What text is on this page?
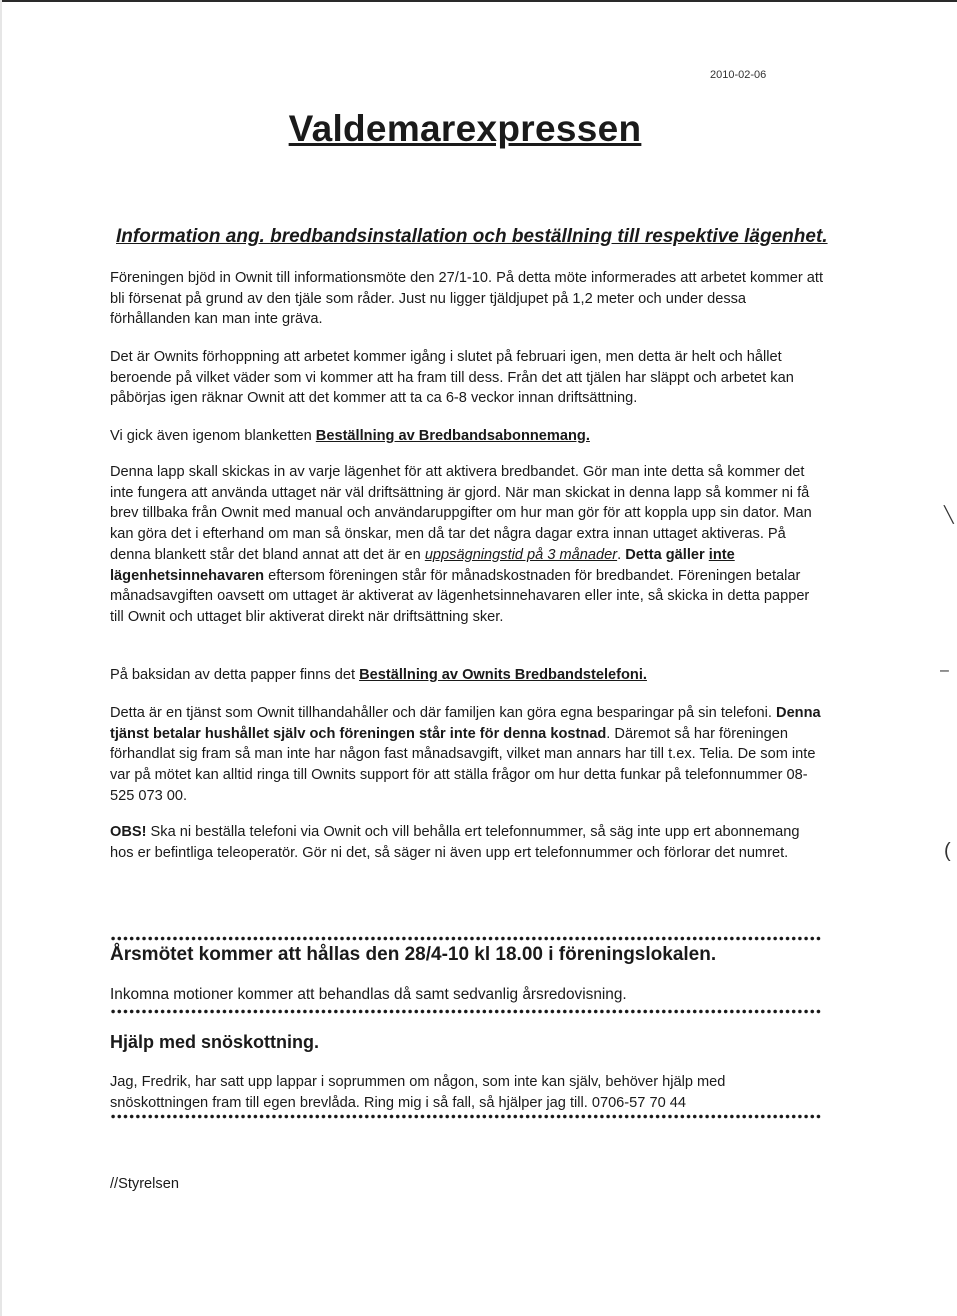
╲
–
(
2010-02-06
Valdemarexpressen
Information ang. bredbandsinstallation och beställning till respektive lägenhet.

Föreningen bjöd in Ownit till informationsmöte den 27/1-10. På detta möte informerades att arbetet kommer att bli försenat på grund av den tjäle som råder. Just nu ligger tjäldjupet på 1,2 meter och under dessa förhållanden kan man inte gräva.

Det är Ownits förhoppning att arbetet kommer igång i slutet på februari igen, men detta är helt och hållet beroende på vilket väder som vi kommer att ha fram till dess. Från det att tjälen har släppt och arbetet kan påbörjas igen räknar Ownit att det kommer att ta ca 6-8 veckor innan driftsättning.

Vi gick även igenom blanketten Beställning av Bredbandsabonnemang.

Denna lapp skall skickas in av varje lägenhet för att aktivera bredbandet. Gör man inte detta så kommer det inte fungera att använda uttaget när väl driftsättning är gjord. När man skickat in denna lapp så kommer ni få brev tillbaka från Ownit med manual och användaruppgifter om hur man gör för att koppla upp sin dator. Man kan göra det i efterhand om man så önskar, men då tar det några dagar extra innan uttaget aktiveras. På denna blankett står det bland annat att det är en uppsägningstid på 3 månader. Detta gäller inte lägenhetsinnehavaren eftersom föreningen står för månadskostnaden för bredbandet. Föreningen betalar månadsavgiften oavsett om uttaget är aktiverat av lägenhetsinnehavaren eller inte, så skicka in detta papper till Ownit och uttaget blir aktiverat direkt när driftsättning sker.

På baksidan av detta papper finns det Beställning av Ownits Bredbandstelefoni.

Detta är en tjänst som Ownit tillhandahåller och där familjen kan göra egna besparingar på sin telefoni. Denna tjänst betalar hushållet själv och föreningen står inte för denna kostnad. Däremot så har föreningen förhandlat sig fram så man inte har någon fast månadsavgift, vilket man annars har till t.ex. Telia. De som inte var på mötet kan alltid ringa till Ownits support för att ställa frågor om hur detta funkar på telefonnummer 08-525 073 00.

OBS! Ska ni beställa telefoni via Ownit och vill behålla ert telefonnummer, så säg inte upp ert abonnemang hos er befintliga teleoperatör. Gör ni det, så säger ni även upp ert telefonnummer och förlorar det numret.

Årsmötet kommer att hållas den 28/4-10 kl 18.00 i föreningslokalen.

Inkomna motioner kommer att behandlas då samt sedvanlig årsredovisning.

Hjälp med snöskottning.

Jag, Fredrik, har satt upp lappar i soprummen om någon, som inte kan själv, behöver hjälp med snöskottningen fram till egen brevlåda. Ring mig i så fall, så hjälper jag till. 0706-57 70 44

//Styrelsen
